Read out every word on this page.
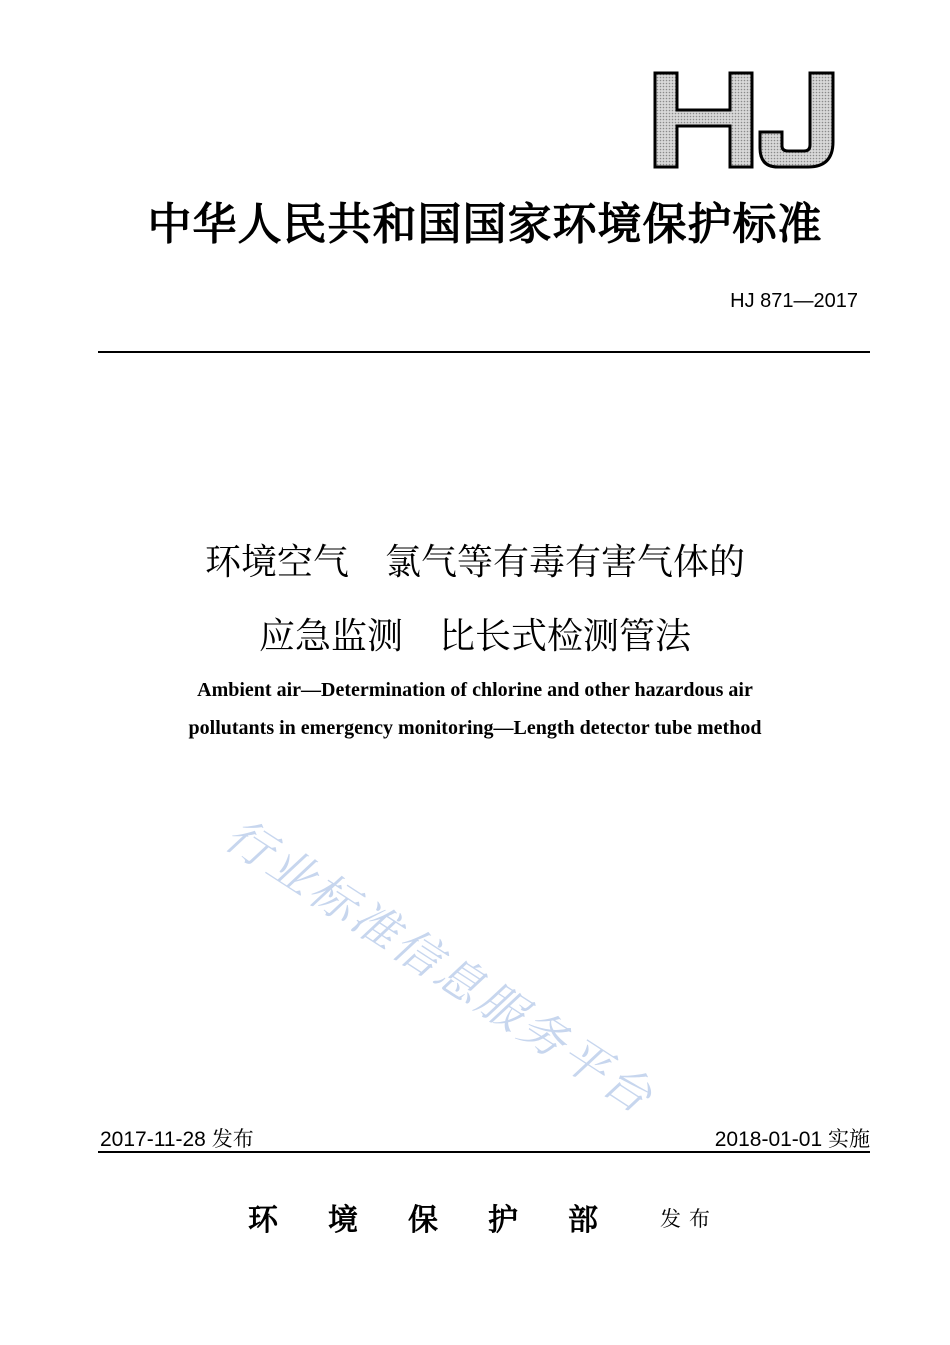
中华人民共和国国家环境保护标准
HJ 871—2017
环境空气　氯气等有毒有害气体的
应急监测　比长式检测管法
Ambient air—Determination of chlorine and other hazardous air
pollutants in emergency monitoring—Length detector tube method
行业标准信息服务平台
2017-11-28 发布	2018-01-01 实施
环境保护部 发布
